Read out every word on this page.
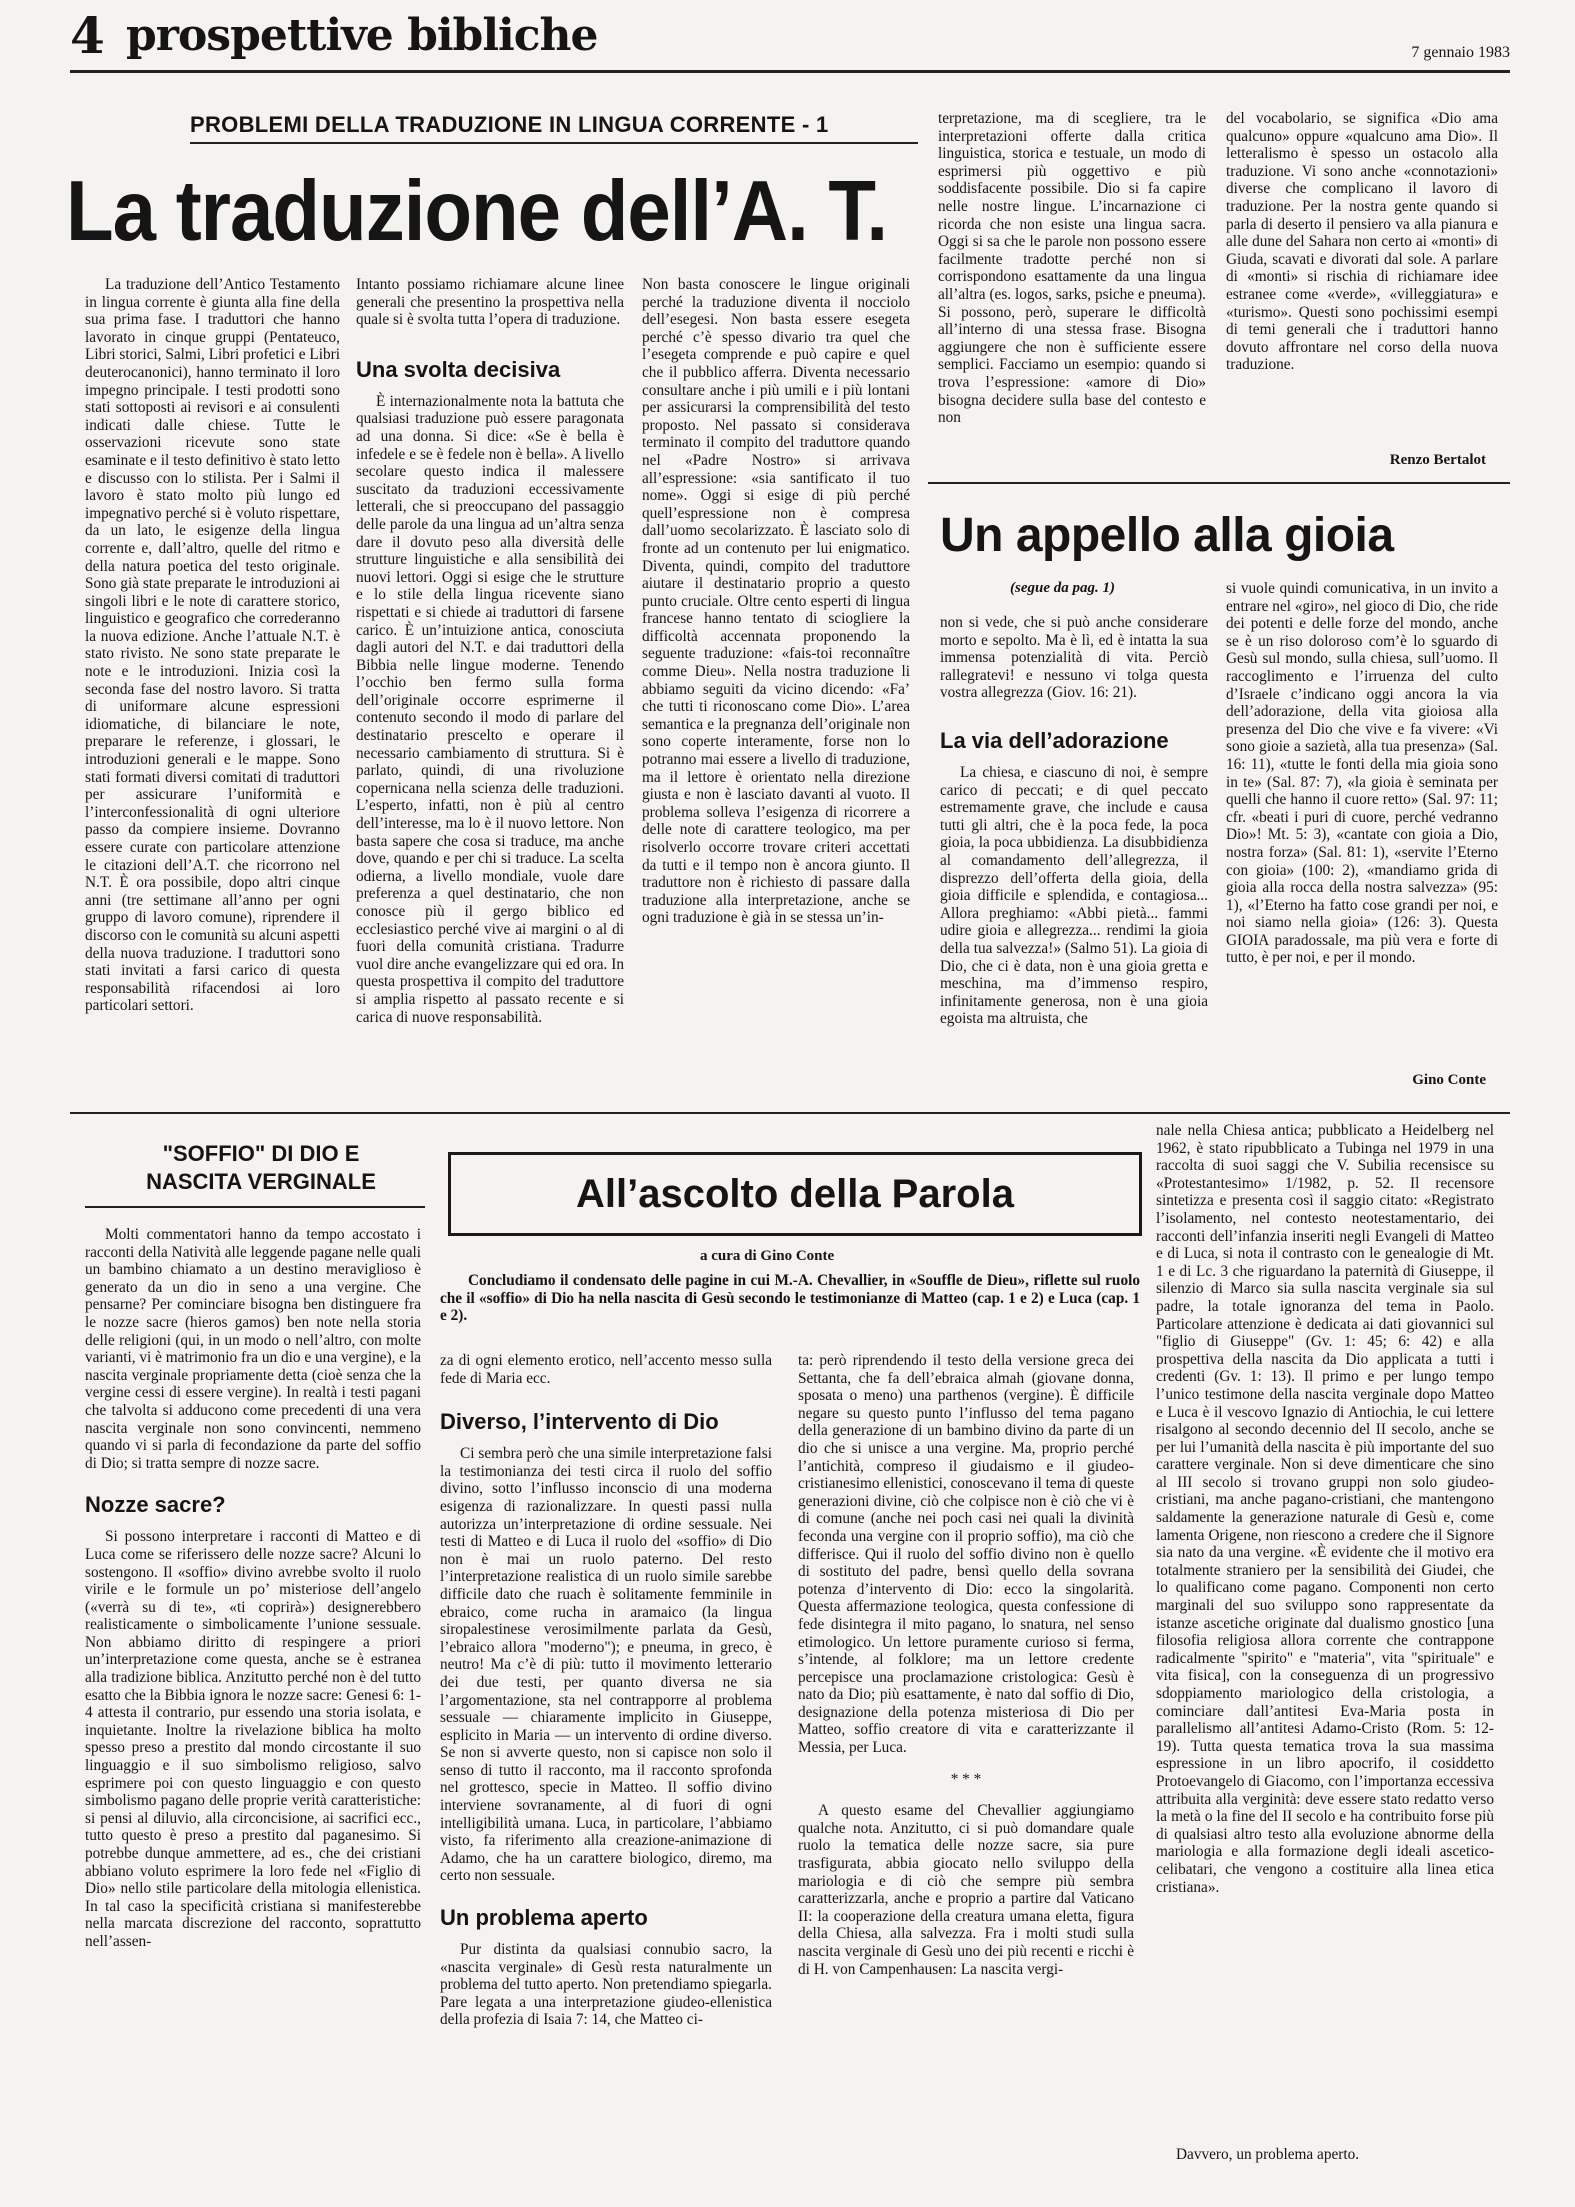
4 prospettive bibliche	7 gennaio 1983
PROBLEMI DELLA TRADUZIONE IN LINGUA CORRENTE - 1
La traduzione dell’A. T.

La traduzione dell’Antico Testamento in lingua corrente è giunta alla fine della sua prima fase. I traduttori che hanno lavorato in cinque gruppi (Pentateuco, Libri storici, Salmi, Libri profetici e Libri deuterocanonici), hanno terminato il loro impegno principale. I testi prodotti sono stati sottoposti ai revisori e ai consulenti indicati dalle chiese. Tutte le osservazioni ricevute sono state esaminate e il testo definitivo è stato letto e discusso con lo stilista. Per i Salmi il lavoro è stato molto più lungo ed impegnativo perché si è voluto rispettare, da un lato, le esigenze della lingua corrente e, dall’altro, quelle del ritmo e della natura poetica del testo originale. Sono già state preparate le introduzioni ai singoli libri e le note di carattere storico, linguistico e geografico che correderanno la nuova edizione. Anche l’attuale N.T. è stato rivisto. Ne sono state preparate le note e le introduzioni. Inizia così la seconda fase del nostro lavoro. Si tratta di uniformare alcune espressioni idiomatiche, di bilanciare le note, preparare le referenze, i glossari, le introduzioni generali e le mappe. Sono stati formati diversi comitati di traduttori per assicurare l’uniformità e l’interconfessionalità di ogni ulteriore passo da compiere insieme. Dovranno essere curate con particolare attenzione le citazioni dell’A.T. che ricorrono nel N.T. È ora possibile, dopo altri cinque anni (tre settimane all’anno per ogni gruppo di lavoro comune), riprendere il discorso con le comunità su alcuni aspetti della nuova traduzione. I traduttori sono stati invitati a farsi carico di questa responsabilità rifacendosi ai loro particolari settori.

Intanto possiamo richiamare alcune linee generali che presentino la prospettiva nella quale si è svolta tutta l’opera di traduzione.

Una svolta decisiva

È internazionalmente nota la battuta che qualsiasi traduzione può essere paragonata ad una donna. Si dice: «Se è bella è infedele e se è fedele non è bella». A livello secolare questo indica il malessere suscitato da traduzioni eccessivamente letterali, che si preoccupano del passaggio delle parole da una lingua ad un’altra senza dare il dovuto peso alla diversità delle strutture linguistiche e alla sensibilità dei nuovi lettori. Oggi si esige che le strutture e lo stile della lingua ricevente siano rispettati e si chiede ai traduttori di farsene carico. È un’intuizione antica, conosciuta dagli autori del N.T. e dai traduttori della Bibbia nelle lingue moderne. Tenendo l’occhio ben fermo sulla forma dell’originale occorre esprimerne il contenuto secondo il modo di parlare del destinatario prescelto e operare il necessario cambiamento di struttura. Si è parlato, quindi, di una rivoluzione copernicana nella scienza delle traduzioni. L’esperto, infatti, non è più al centro dell’interesse, ma lo è il nuovo lettore. Non basta sapere che cosa si traduce, ma anche dove, quando e per chi si traduce. La scelta odierna, a livello mondiale, vuole dare preferenza a quel destinatario, che non conosce più il gergo biblico ed ecclesiastico perché vive ai margini o al di fuori della comunità cristiana. Tradurre vuol dire anche evangelizzare qui ed ora. In questa prospettiva il compito del traduttore si amplia rispetto al passato recente e si carica di nuove responsabilità.

Non basta conoscere le lingue originali perché la traduzione diventa il nocciolo dell’esegesi. Non basta essere esegeta perché c’è spesso divario tra quel che l’esegeta comprende e può capire e quel che il pubblico afferra. Diventa necessario consultare anche i più umili e i più lontani per assicurarsi la comprensibilità del testo proposto. Nel passato si considerava terminato il compito del traduttore quando nel «Padre Nostro» si arrivava all’espressione: «sia santificato il tuo nome». Oggi si esige di più perché quell’espressione non è compresa dall’uomo secolarizzato. È lasciato solo di fronte ad un contenuto per lui enigmatico. Diventa, quindi, compito del traduttore aiutare il destinatario proprio a questo punto cruciale. Oltre cento esperti di lingua francese hanno tentato di sciogliere la difficoltà accennata proponendo la seguente traduzione: «fais-toi reconnaître comme Dieu». Nella nostra traduzione li abbiamo seguiti da vicino dicendo: «Fa’ che tutti ti riconoscano come Dio». L’area semantica e la pregnanza dell’originale non sono coperte interamente, forse non lo potranno mai essere a livello di traduzione, ma il lettore è orientato nella direzione giusta e non è lasciato davanti al vuoto. Il problema solleva l’esigenza di ricorrere a delle note di carattere teologico, ma per risolverlo occorre trovare criteri accettati da tutti e il tempo non è ancora giunto. Il traduttore non è richiesto di passare dalla traduzione alla interpretazione, anche se ogni traduzione è già in se stessa un’in-

terpretazione, ma di scegliere, tra le interpretazioni offerte dalla critica linguistica, storica e testuale, un modo di esprimersi più oggettivo e più soddisfacente possibile. Dio si fa capire nelle nostre lingue. L’incarnazione ci ricorda che non esiste una lingua sacra. Oggi si sa che le parole non possono essere facilmente tradotte perché non si corrispondono esattamente da una lingua all’altra (es. logos, sarks, psiche e pneuma). Si possono, però, superare le difficoltà all’interno di una stessa frase. Bisogna aggiungere che non è sufficiente essere semplici. Facciamo un esempio: quando si trova l’espressione: «amore di Dio» bisogna decidere sulla base del contesto e non

del vocabolario, se significa «Dio ama qualcuno» oppure «qualcuno ama Dio». Il letteralismo è spesso un ostacolo alla traduzione. Vi sono anche «connotazioni» diverse che complicano il lavoro di traduzione. Per la nostra gente quando si parla di deserto il pensiero va alla pianura e alle dune del Sahara non certo ai «monti» di Giuda, scavati e divorati dal sole. A parlare di «monti» si rischia di richiamare idee estranee come «verde», «villeggiatura» e «turismo». Questi sono pochissimi esempi di temi generali che i traduttori hanno dovuto affrontare nel corso della nuova traduzione.

Renzo Bertalot
Un appello alla gioia
(segue da pag. 1)

non si vede, che si può anche considerare morto e sepolto. Ma è lì, ed è intatta la sua immensa potenzialità di vita. Perciò rallegratevi! e nessuno vi tolga questa vostra allegrezza (Giov. 16: 21).

La via dell’adorazione

La chiesa, e ciascuno di noi, è sempre carico di peccati; e di quel peccato estremamente grave, che include e causa tutti gli altri, che è la poca fede, la poca gioia, la poca ubbidienza. La disubbidienza al comandamento dell’allegrezza, il disprezzo dell’offerta della gioia, della gioia difficile e splendida, e contagiosa... Allora preghiamo: «Abbi pietà... fammi udire gioia e allegrezza... rendimi la gioia della tua salvezza!» (Salmo 51). La gioia di Dio, che ci è data, non è una gioia gretta e meschina, ma d’immenso respiro, infinitamente generosa, non è una gioia egoista ma altruista, che

si vuole quindi comunicativa, in un invito a entrare nel «giro», nel gioco di Dio, che ride dei potenti e delle forze del mondo, anche se è un riso doloroso com’è lo sguardo di Gesù sul mondo, sulla chiesa, sull’uomo. Il raccoglimento e l’irruenza del culto d’Israele c’indicano oggi ancora la via dell’adorazione, della vita gioiosa alla presenza del Dio che vive e fa vivere: «Vi sono gioie a sazietà, alla tua presenza» (Sal. 16: 11), «tutte le fonti della mia gioia sono in te» (Sal. 87: 7), «la gioia è seminata per quelli che hanno il cuore retto» (Sal. 97: 11; cfr. «beati i puri di cuore, perché vedranno Dio»! Mt. 5: 3), «cantate con gioia a Dio, nostra forza» (Sal. 81: 1), «servite l’Eterno con gioia» (100: 2), «mandiamo grida di gioia alla rocca della nostra salvezza» (95: 1), «l’Eterno ha fatto cose grandi per noi, e noi siamo nella gioia» (126: 3). Questa GIOIA paradossale, ma più vera e forte di tutto, è per noi, e per il mondo.

Gino Conte
"SOFFIO" DI DIO E NASCITA VERGINALE

Molti commentatori hanno da tempo accostato i racconti della Natività alle leggende pagane nelle quali un bambino chiamato a un destino meraviglioso è generato da un dio in seno a una vergine. Che pensarne? Per cominciare bisogna ben distinguere fra le nozze sacre (hieros gamos) ben note nella storia delle religioni (qui, in un modo o nell’altro, con molte varianti, vi è matrimonio fra un dio e una vergine), e la nascita verginale propriamente detta (cioè senza che la vergine cessi di essere vergine). In realtà i testi pagani che talvolta si adducono come precedenti di una vera nascita verginale non sono convincenti, nemmeno quando vi si parla di fecondazione da parte del soffio di Dio; si tratta sempre di nozze sacre.

Nozze sacre?

Si possono interpretare i racconti di Matteo e di Luca come se riferissero delle nozze sacre? Alcuni lo sostengono. Il «soffio» divino avrebbe svolto il ruolo virile e le formule un po’ misteriose dell’angelo («verrà su di te», «ti coprirà») designerebbero realisticamente o simbolicamente l’unione sessuale. Non abbiamo diritto di respingere a priori un’interpretazione come questa, anche se è estranea alla tradizione biblica. Anzitutto perché non è del tutto esatto che la Bibbia ignora le nozze sacre: Genesi 6: 1-4 attesta il contrario, pur essendo una storia isolata, e inquietante. Inoltre la rivelazione biblica ha molto spesso preso a prestito dal mondo circostante il suo linguaggio e il suo simbolismo religioso, salvo esprimere poi con questo linguaggio e con questo simbolismo pagano delle proprie verità caratteristiche: si pensi al diluvio, alla circoncisione, ai sacrifici ecc., tutto questo è preso a prestito dal paganesimo. Si potrebbe dunque ammettere, ad es., che dei cristiani abbiano voluto esprimere la loro fede nel «Figlio di Dio» nello stile particolare della mitologia ellenistica. In tal caso la specificità cristiana si manifesterebbe nella marcata discrezione del racconto, soprattutto nell’assen-

All’ascolto della Parola
a cura di Gino Conte
Concludiamo il condensato delle pagine in cui M.-A. Chevallier, in «Souffle de Dieu», riflette sul ruolo che il «soffio» di Dio ha nella nascita di Gesù secondo le testimonianze di Matteo (cap. 1 e 2) e Luca (cap. 1 e 2).

za di ogni elemento erotico, nell’accento messo sulla fede di Maria ecc.

Diverso, l’intervento di Dio

Ci sembra però che una simile interpretazione falsi la testimonianza dei testi circa il ruolo del soffio divino, sotto l’influsso inconscio di una moderna esigenza di razionalizzare. In questi passi nulla autorizza un’interpretazione di ordine sessuale. Nei testi di Matteo e di Luca il ruolo del «soffio» di Dio non è mai un ruolo paterno. Del resto l’interpretazione realistica di un ruolo simile sarebbe difficile dato che ruach è solitamente femminile in ebraico, come rucha in aramaico (la lingua siropalestinese verosimilmente parlata da Gesù, l’ebraico allora "moderno"); e pneuma, in greco, è neutro! Ma c’è di più: tutto il movimento letterario dei due testi, per quanto diversa ne sia l’argomentazione, sta nel contrapporre al problema sessuale — chiaramente implicito in Giuseppe, esplicito in Maria — un intervento di ordine diverso. Se non si avverte questo, non si capisce non solo il senso di tutto il racconto, ma il racconto sprofonda nel grottesco, specie in Matteo. Il soffio divino interviene sovranamente, al di fuori di ogni intelligibilità umana. Luca, in particolare, l’abbiamo visto, fa riferimento alla creazione-animazione di Adamo, che ha un carattere biologico, diremo, ma certo non sessuale.

Un problema aperto

Pur distinta da qualsiasi connubio sacro, la «nascita verginale» di Gesù resta naturalmente un problema del tutto aperto. Non pretendiamo spiegarla. Pare legata a una interpretazione giudeo-ellenistica della profezia di Isaia 7: 14, che Matteo ci-

ta: però riprendendo il testo della versione greca dei Settanta, che fa dell’ebraica almah (giovane donna, sposata o meno) una parthenos (vergine). È difficile negare su questo punto l’influsso del tema pagano della generazione di un bambino divino da parte di un dio che si unisce a una vergine. Ma, proprio perché l’antichità, compreso il giudaismo e il giudeo-cristianesimo ellenistici, conoscevano il tema di queste generazioni divine, ciò che colpisce non è ciò che vi è di comune (anche nei poch casi nei quali la divinità feconda una vergine con il proprio soffio), ma ciò che differisce. Qui il ruolo del soffio divino non è quello di sostituto del padre, bensì quello della sovrana potenza d’intervento di Dio: ecco la singolarità. Questa affermazione teologica, questa confessione di fede disintegra il mito pagano, lo snatura, nel senso etimologico. Un lettore puramente curioso si ferma, s’intende, al folklore; ma un lettore credente percepisce una proclamazione cristologica: Gesù è nato da Dio; più esattamente, è nato dal soffio di Dio, designazione della potenza misteriosa di Dio per Matteo, soffio creatore di vita e caratterizzante il Messia, per Luca.

* * *

A questo esame del Chevallier aggiungiamo qualche nota. Anzitutto, ci si può domandare quale ruolo la tematica delle nozze sacre, sia pure trasfigurata, abbia giocato nello sviluppo della mariologia e di ciò che sempre più sembra caratterizzarla, anche e proprio a partire dal Vaticano II: la cooperazione della creatura umana eletta, figura della Chiesa, alla salvezza. Fra i molti studi sulla nascita verginale di Gesù uno dei più recenti e ricchi è di H. von Campenhausen: La nascita vergi-

nale nella Chiesa antica; pubblicato a Heidelberg nel 1962, è stato ripubblicato a Tubinga nel 1979 in una raccolta di suoi saggi che V. Subilia recensisce su «Protestantesimo» 1/1982, p. 52. Il recensore sintetizza e presenta così il saggio citato: «Registrato l’isolamento, nel contesto neotestamentario, dei racconti dell’infanzia inseriti negli Evangeli di Matteo e di Luca, si nota il contrasto con le genealogie di Mt. 1 e di Lc. 3 che riguardano la paternità di Giuseppe, il silenzio di Marco sia sulla nascita verginale sia sul padre, la totale ignoranza del tema in Paolo. Particolare attenzione è dedicata ai dati giovannici sul "figlio di Giuseppe" (Gv. 1: 45; 6: 42) e alla prospettiva della nascita da Dio applicata a tutti i credenti (Gv. 1: 13). Il primo e per lungo tempo l’unico testimone della nascita verginale dopo Matteo e Luca è il vescovo Ignazio di Antiochia, le cui lettere risalgono al secondo decennio del II secolo, anche se per lui l’umanità della nascita è più importante del suo carattere verginale. Non si deve dimenticare che sino al III secolo si trovano gruppi non solo giudeo-cristiani, ma anche pagano-cristiani, che mantengono saldamente la generazione naturale di Gesù e, come lamenta Origene, non riescono a credere che il Signore sia nato da una vergine. «È evidente che il motivo era totalmente straniero per la sensibilità dei Giudei, che lo qualificano come pagano. Componenti non certo marginali del suo sviluppo sono rappresentate da istanze ascetiche originate dal dualismo gnostico [una filosofia religiosa allora corrente che contrappone radicalmente "spirito" e "materia", vita "spirituale" e vita fisica], con la conseguenza di un progressivo sdoppiamento mariologico della cristologia, a cominciare dall’antitesi Eva-Maria posta in parallelismo all’antitesi Adamo-Cristo (Rom. 5: 12-19). Tutta questa tematica trova la sua massima espressione in un libro apocrifo, il cosiddetto Protoevangelo di Giacomo, con l’importanza eccessiva attribuita alla verginità: deve essere stato redatto verso la metà o la fine del II secolo e ha contribuito forse più di qualsiasi altro testo alla evoluzione abnorme della mariologia e alla formazione degli ideali ascetico-celibatari, che vengono a costituire alla linea etica cristiana».

Davvero, un problema aperto.
